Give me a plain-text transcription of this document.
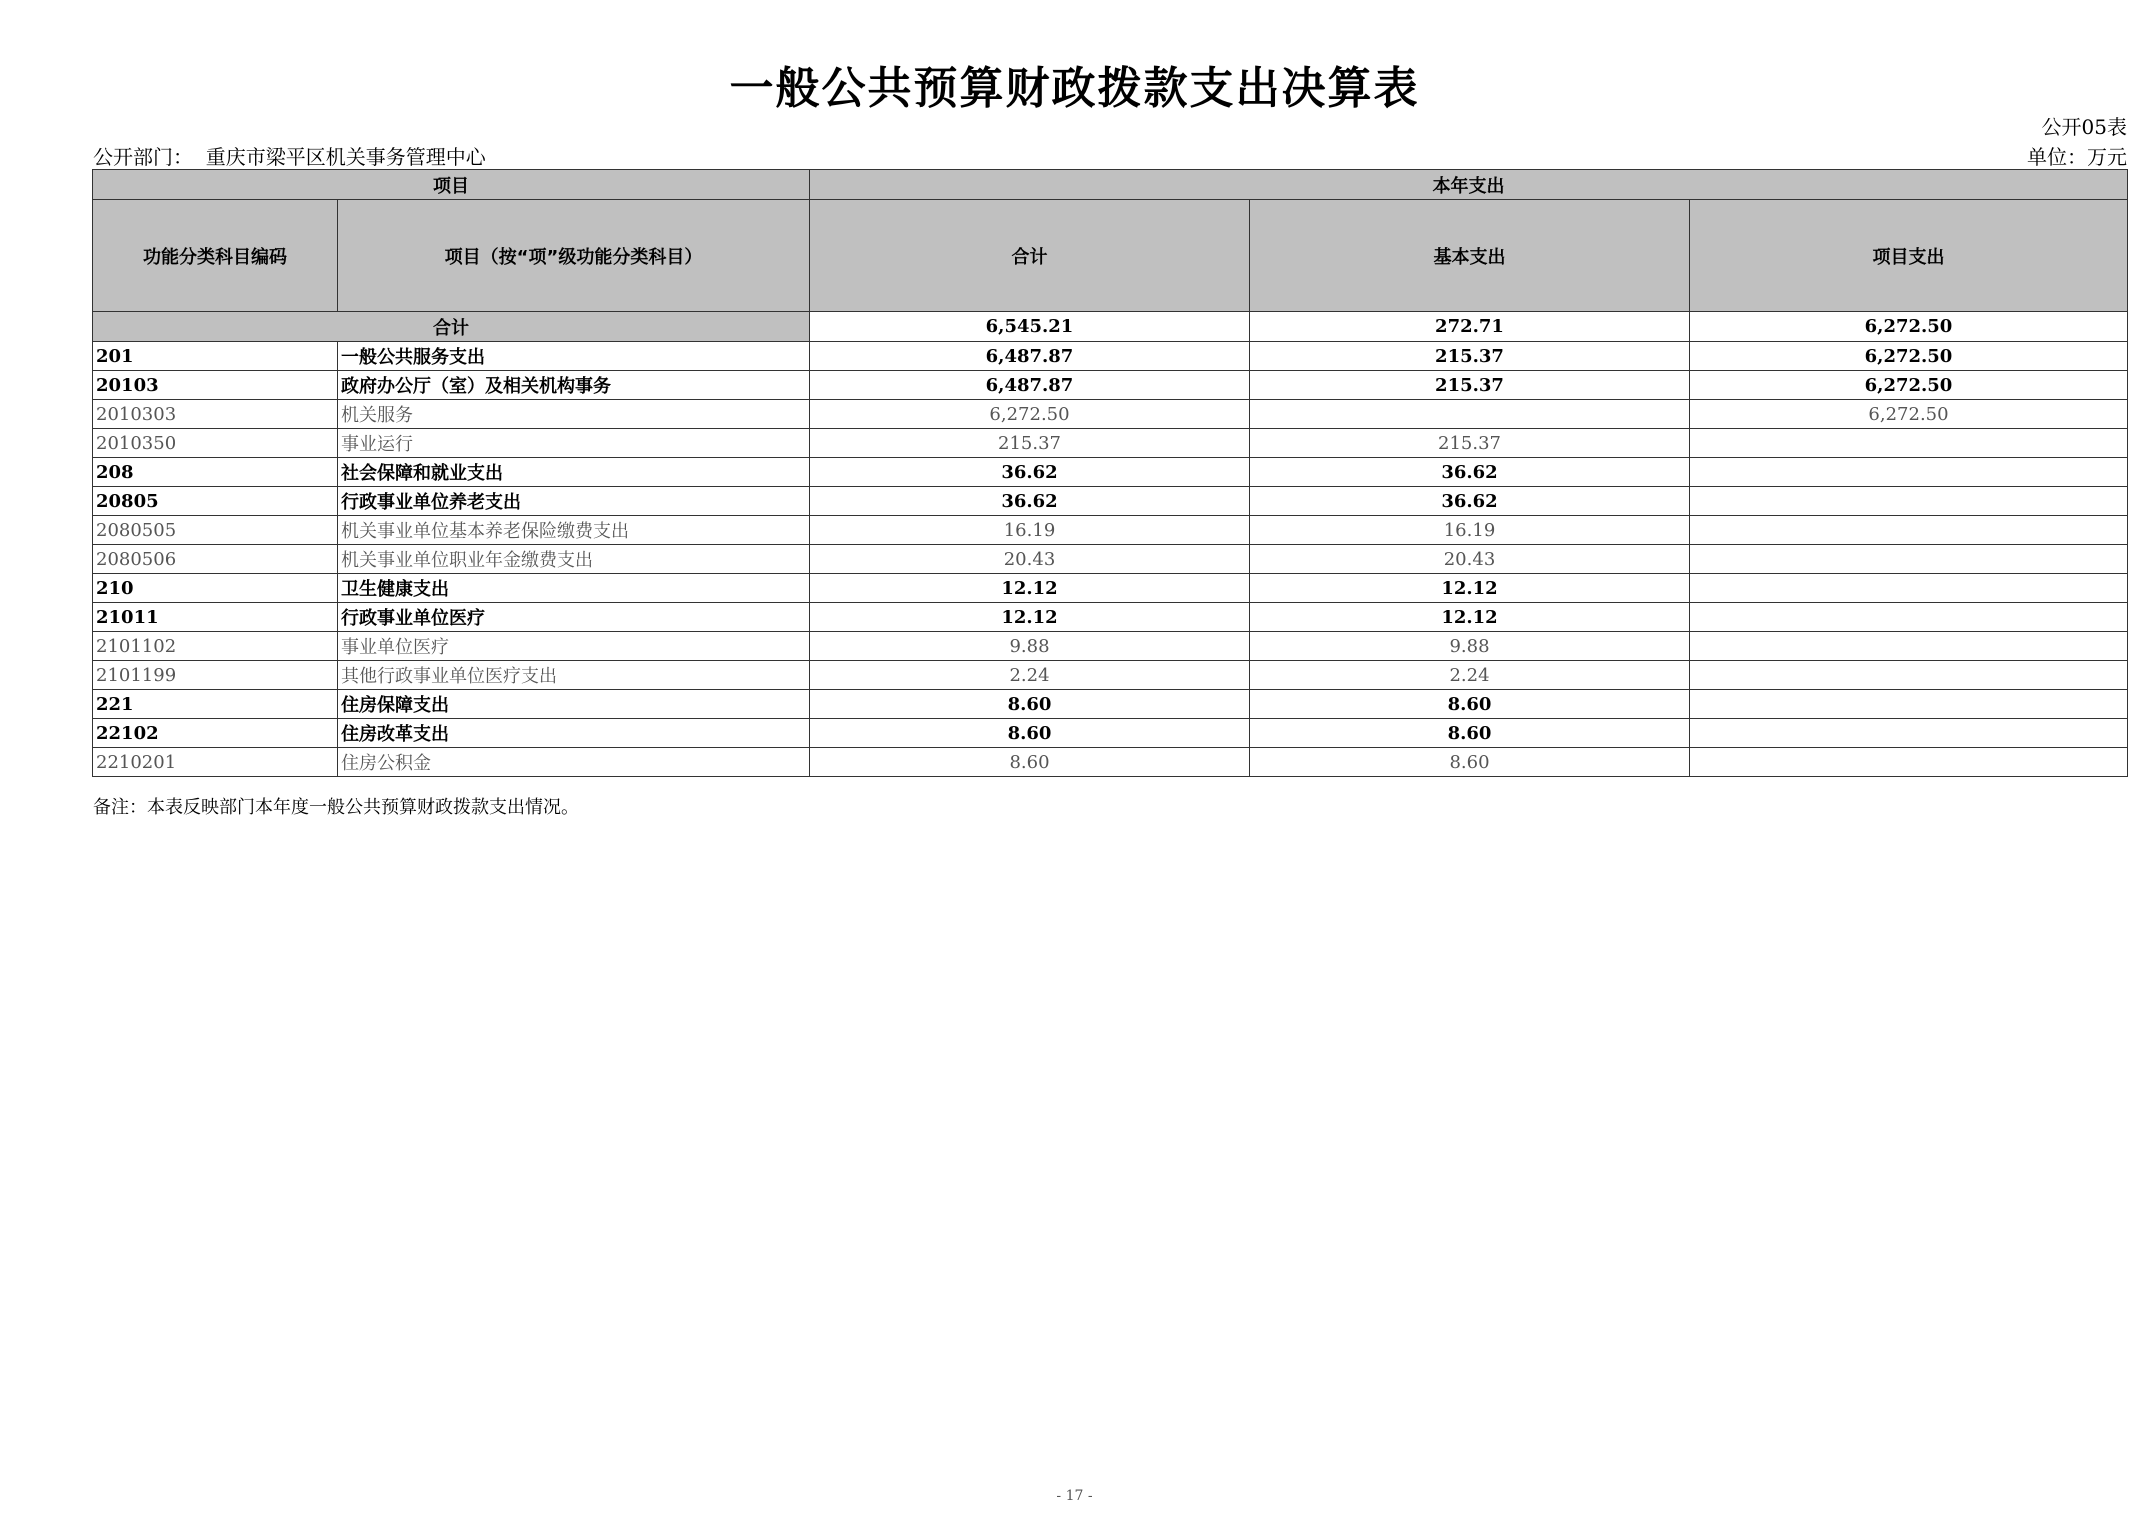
一般公共预算财政拨款支出决算表
公开05表
公开部门： 重庆市梁平区机关事务管理中心	单位：万元
项目		本年支出		
功能分类科目编码	项目（按“项”级功能分类科目）	合计	基本支出	项目支出
合计		6,545.21	272.71	6,272.50
201	一般公共服务支出	6,487.87	215.37	6,272.50
20103	政府办公厅（室）及相关机构事务	6,487.87	215.37	6,272.50
2010303	机关服务	6,272.50		6,272.50
2010350	事业运行	215.37	215.37	
208	社会保障和就业支出	36.62	36.62	
20805	行政事业单位养老支出	36.62	36.62	
2080505	机关事业单位基本养老保险缴费支出	16.19	16.19	
2080506	机关事业单位职业年金缴费支出	20.43	20.43	
210	卫生健康支出	12.12	12.12	
21011	行政事业单位医疗	12.12	12.12	
2101102	事业单位医疗	9.88	9.88	
2101199	其他行政事业单位医疗支出	2.24	2.24	
221	住房保障支出	8.60	8.60	
22102	住房改革支出	8.60	8.60	
2210201	住房公积金	8.60	8.60	
备注：本表反映部门本年度一般公共预算财政拨款支出情况。
- 17 -
